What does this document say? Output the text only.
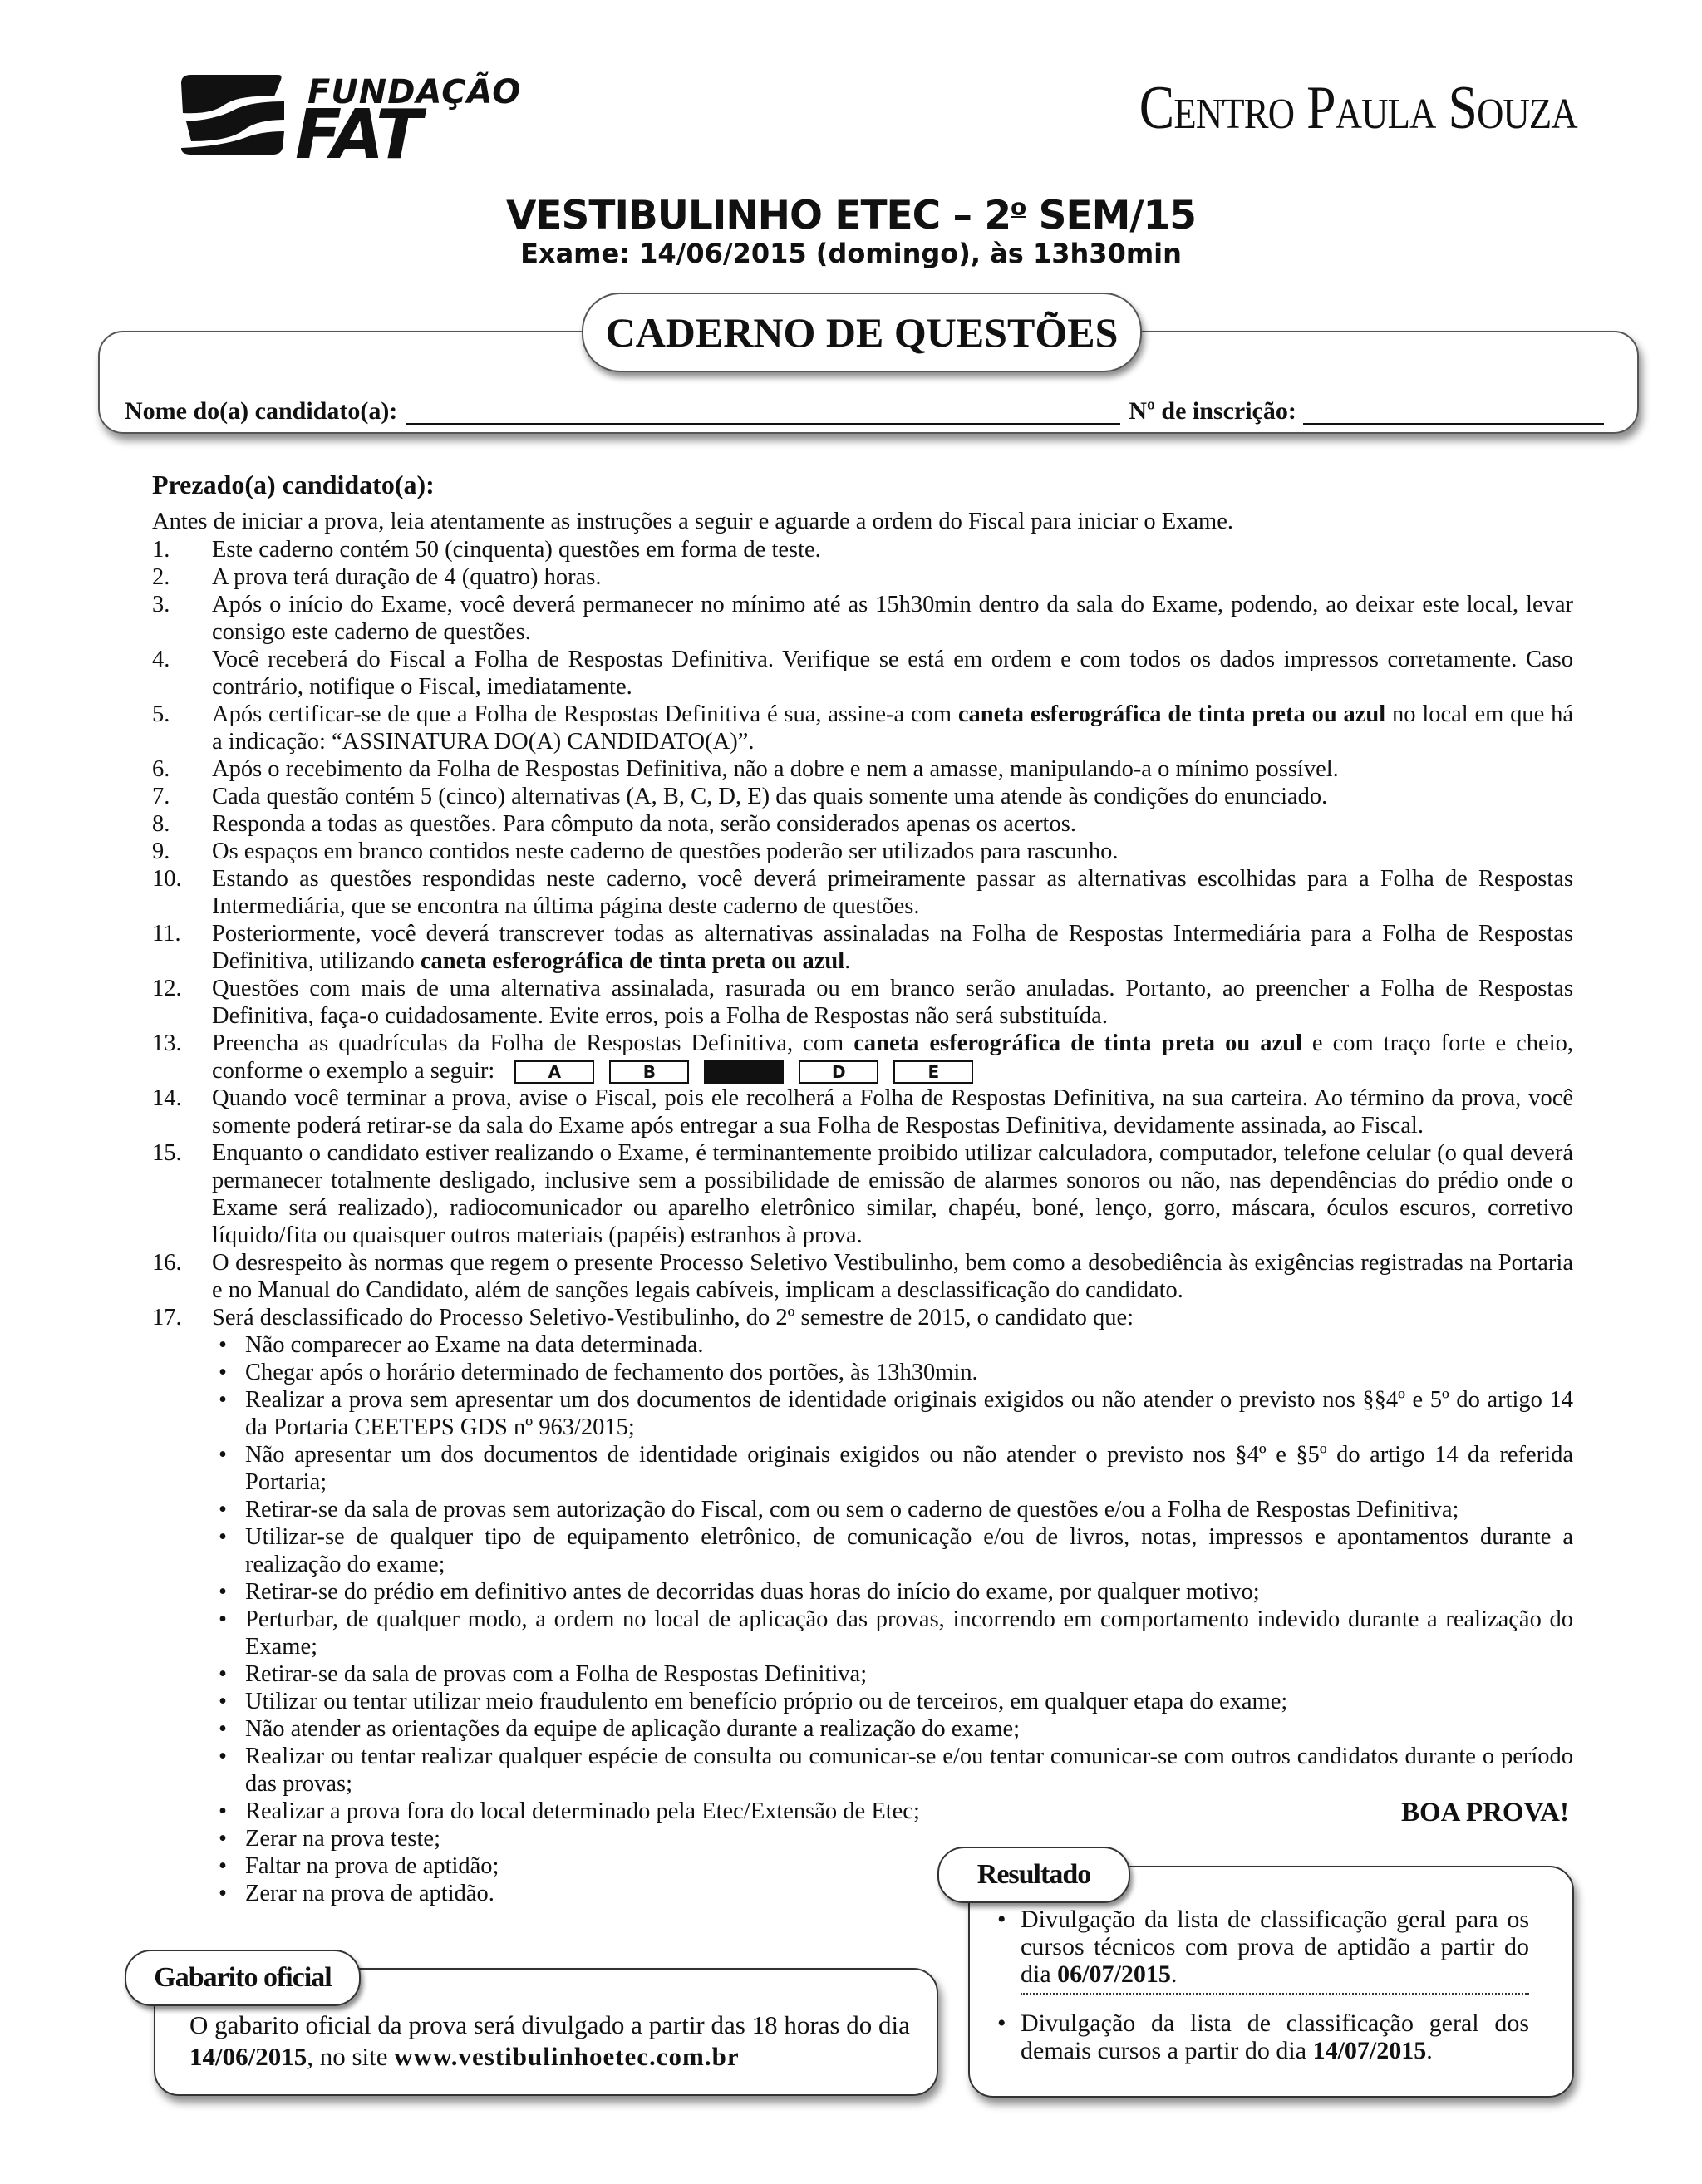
FUNDAÇÃO
FAT	Centro Paula Souza
VESTIBULINHO ETEC – 2$^o$ SEM/15
Exame: 14/06/2015 (domingo), às 13h30min
CADERNO DE QUESTÕES
Nome do(a) candidato(a):	Nº de inscrição:
Prezado(a) candidato(a):
Antes de iniciar a prova, leia atentamente as instruções a seguir e aguarde a ordem do Fiscal para iniciar o Exame.
1. Este caderno contém 50 (cinquenta) questões em forma de teste.
2. A prova terá duração de 4 (quatro) horas.
3. Após o início do Exame, você deverá permanecer no mínimo até as 15h30min dentro da sala do Exame, podendo, ao deixar este local, levar consigo este caderno de questões.
4. Você receberá do Fiscal a Folha de Respostas Definitiva. Verifique se está em ordem e com todos os dados impressos corretamente. Caso contrário, notifique o Fiscal, imediatamente.
5. Após certificar-se de que a Folha de Respostas Definitiva é sua, assine-a com caneta esferográfica de tinta preta ou azul no local em que há a indicação: “ASSINATURA DO(A) CANDIDATO(A)”.
6. Após o recebimento da Folha de Respostas Definitiva, não a dobre e nem a amasse, manipulando-a o mínimo possível.
7. Cada questão contém 5 (cinco) alternativas (A, B, C, D, E) das quais somente uma atende às condições do enunciado.
8. Responda a todas as questões. Para cômputo da nota, serão considerados apenas os acertos.
9. Os espaços em branco contidos neste caderno de questões poderão ser utilizados para rascunho.
10. Estando as questões respondidas neste caderno, você deverá primeiramente passar as alternativas escolhidas para a Folha de Respostas Intermediária, que se encontra na última página deste caderno de questões.
11. Posteriormente, você deverá transcrever todas as alternativas assinaladas na Folha de Respostas Intermediária para a Folha de Respostas Definitiva, utilizando caneta esferográfica de tinta preta ou azul.
12. Questões com mais de uma alternativa assinalada, rasurada ou em branco serão anuladas. Portanto, ao preencher a Folha de Respostas Definitiva, faça-o cuidadosamente. Evite erros, pois a Folha de Respostas não será substituída.
13. Preencha as quadrículas da Folha de Respostas Definitiva, com caneta esferográfica de tinta preta ou azul e com traço forte e cheio, conforme o exemplo a seguir:	A	B	C	D	E
14. Quando você terminar a prova, avise o Fiscal, pois ele recolherá a Folha de Respostas Definitiva, na sua carteira. Ao término da prova, você somente poderá retirar-se da sala do Exame após entregar a sua Folha de Respostas Definitiva, devidamente assinada, ao Fiscal.
15. Enquanto o candidato estiver realizando o Exame, é terminantemente proibido utilizar calculadora, computador, telefone celular (o qual deverá permanecer totalmente desligado, inclusive sem a possibilidade de emissão de alarmes sonoros ou não, nas dependências do prédio onde o Exame será realizado), radiocomunicador ou aparelho eletrônico similar, chapéu, boné, lenço, gorro, máscara, óculos escuros, corretivo líquido/fita ou quaisquer outros materiais (papéis) estranhos à prova.
16. O desrespeito às normas que regem o presente Processo Seletivo Vestibulinho, bem como a desobediência às exigências registradas na Portaria e no Manual do Candidato, além de sanções legais cabíveis, implicam a desclassificação do candidato.
17. Será desclassificado do Processo Seletivo-Vestibulinho, do 2º semestre de 2015, o candidato que:
• Não comparecer ao Exame na data determinada.
• Chegar após o horário determinado de fechamento dos portões, às 13h30min.
• Realizar a prova sem apresentar um dos documentos de identidade originais exigidos ou não atender o previsto nos §§4º e 5º do artigo 14 da Portaria CEETEPS GDS nº 963/2015;
• Não apresentar um dos documentos de identidade originais exigidos ou não atender o previsto nos §4º e §5º do artigo 14 da referida Portaria;
• Retirar-se da sala de provas sem autorização do Fiscal, com ou sem o caderno de questões e/ou a Folha de Respostas Definitiva;
• Utilizar-se de qualquer tipo de equipamento eletrônico, de comunicação e/ou de livros, notas, impressos e apontamentos durante a realização do exame;
• Retirar-se do prédio em definitivo antes de decorridas duas horas do início do exame, por qualquer motivo;
• Perturbar, de qualquer modo, a ordem no local de aplicação das provas, incorrendo em comportamento indevido durante a realização do Exame;
• Retirar-se da sala de provas com a Folha de Respostas Definitiva;
• Utilizar ou tentar utilizar meio fraudulento em benefício próprio ou de terceiros, em qualquer etapa do exame;
• Não atender as orientações da equipe de aplicação durante a realização do exame;
• Realizar ou tentar realizar qualquer espécie de consulta ou comunicar-se e/ou tentar comunicar-se com outros candidatos durante o período das provas;
• Realizar a prova fora do local determinado pela Etec/Extensão de Etec;
• Zerar na prova teste;
• Faltar na prova de aptidão;
• Zerar na prova de aptidão.
BOA PROVA!
Resultado
• Divulgação da lista de classificação geral para os cursos técnicos com prova de aptidão a partir do dia 06/07/2015.
• Divulgação da lista de classificação geral dos demais cursos a partir do dia 14/07/2015.
Gabarito oficial
O gabarito oficial da prova será divulgado a partir das 18 horas do dia 14/06/2015, no site www.vestibulinhoetec.com.br
